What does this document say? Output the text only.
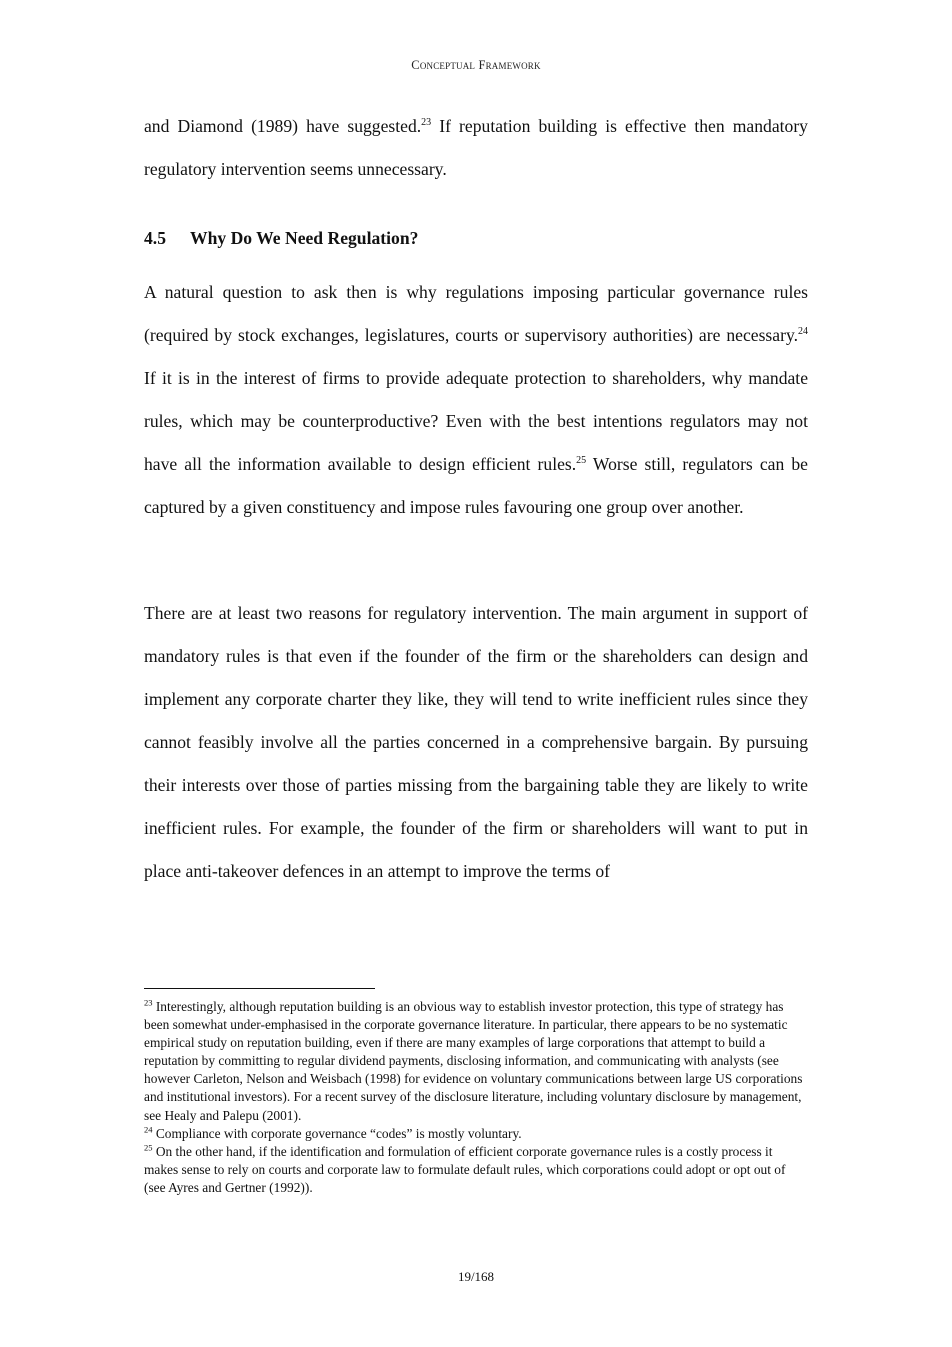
Conceptual Framework

and Diamond (1989) have suggested.$^{23}$ If reputation building is effective then mandatory regulatory intervention seems unnecessary.

4.5 Why Do We Need Regulation?

A natural question to ask then is why regulations imposing particular governance rules (required by stock exchanges, legislatures, courts or supervisory authorities) are necessary.$^{24}$ If it is in the interest of firms to provide adequate protection to shareholders, why mandate rules, which may be counterproductive? Even with the best intentions regulators may not have all the information available to design efficient rules.$^{25}$ Worse still, regulators can be captured by a given constituency and impose rules favouring one group over another.

There are at least two reasons for regulatory intervention. The main argument in support of mandatory rules is that even if the founder of the firm or the shareholders can design and implement any corporate charter they like, they will tend to write inefficient rules since they cannot feasibly involve all the parties concerned in a comprehensive bargain. By pursuing their interests over those of parties missing from the bargaining table they are likely to write inefficient rules. For example, the founder of the firm or shareholders will want to put in place anti-takeover defences in an attempt to improve the terms of

$^{23}$ Interestingly, although reputation building is an obvious way to establish investor protection, this type of strategy has been somewhat under-emphasised in the corporate governance literature. In particular, there appears to be no systematic empirical study on reputation building, even if there are many examples of large corporations that attempt to build a reputation by committing to regular dividend payments, disclosing information, and communicating with analysts (see however Carleton, Nelson and Weisbach (1998) for evidence on voluntary communications between large US corporations and institutional investors). For a recent survey of the disclosure literature, including voluntary disclosure by management, see Healy and Palepu (2001).

$^{24}$ Compliance with corporate governance “codes” is mostly voluntary.

$^{25}$ On the other hand, if the identification and formulation of efficient corporate governance rules is a costly process it makes sense to rely on courts and corporate law to formulate default rules, which corporations could adopt or opt out of (see Ayres and Gertner (1992)).

19/168
